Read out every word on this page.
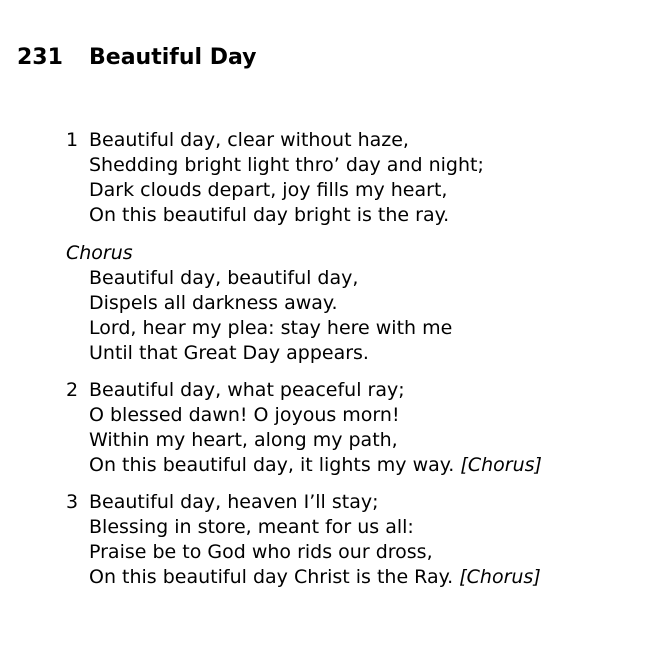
231 Beautiful Day
1 Beautiful day, clear without haze,
Shedding bright light thro’ day and night;
Dark clouds depart, joy fills my heart,
On this beautiful day bright is the ray.
Chorus
Beautiful day, beautiful day,
Dispels all darkness away.
Lord, hear my plea: stay here with me
Until that Great Day appears.
2 Beautiful day, what peaceful ray;
O blessed dawn! O joyous morn!
Within my heart, along my path,
On this beautiful day, it lights my way. [Chorus]
3 Beautiful day, heaven I’ll stay;
Blessing in store, meant for us all:
Praise be to God who rids our dross,
On this beautiful day Christ is the Ray. [Chorus]
